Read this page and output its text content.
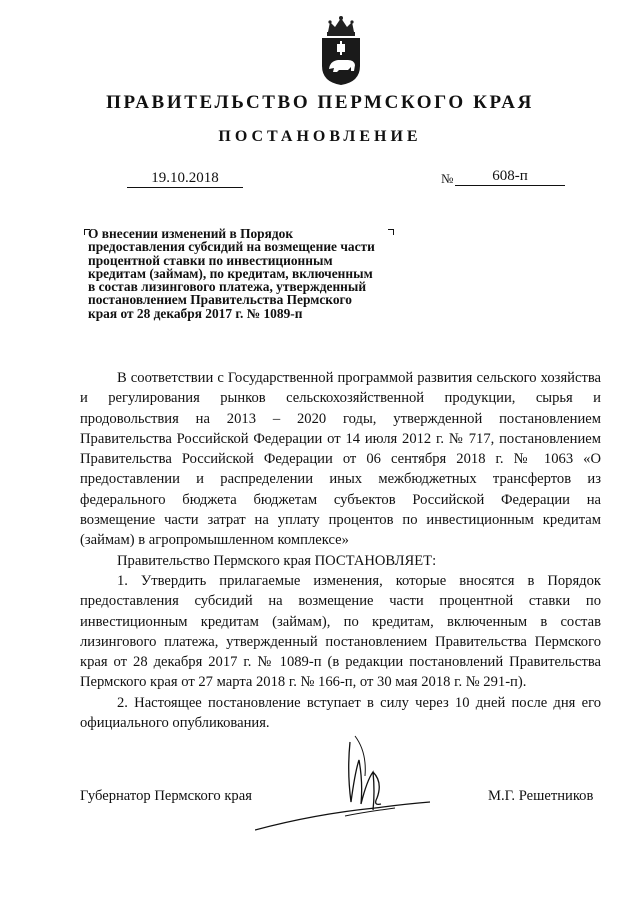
ПРАВИТЕЛЬСТВО ПЕРМСКОГО КРАЯ
ПОСТАНОВЛЕНИЕ
19.10.2018	№	608-п
О внесении изменений в Порядок
предоставления субсидий на возмещение части
процентной ставки по инвестиционным
кредитам (займам), по кредитам, включенным
в состав лизингового платежа, утвержденный
постановлением Правительства Пермского
края от 28 декабря 2017 г. № 1089-п

В соответствии с Государственной программой развития сельского хозяйства и регулирования рынков сельскохозяйственной продукции, сырья и продовольствия на 2013 – 2020 годы, утвержденной постановлением Правительства Российской Федерации от 14 июля 2012 г. № 717, постановлением Правительства Российской Федерации от 06 сентября 2018 г. № 1063 «О предоставлении и распределении иных межбюджетных трансфертов из федерального бюджета бюджетам субъектов Российской Федерации на возмещение части затрат на уплату процентов по инвестиционным кредитам (займам) в агропромышленном комплексе»

Правительство Пермского края ПОСТАНОВЛЯЕТ:

1. Утвердить прилагаемые изменения, которые вносятся в Порядок предоставления субсидий на возмещение части процентной ставки по инвестиционным кредитам (займам), по кредитам, включенным в состав лизингового платежа, утвержденный постановлением Правительства Пермского края от 28 декабря 2017 г. № 1089-п (в редакции постановлений Правительства Пермского края от 27 марта 2018 г. № 166-п, от 30 мая 2018 г. № 291-п).

2. Настоящее постановление вступает в силу через 10 дней после дня его официального опубликования.

Губернатор Пермского края	М.Г. Решетников
